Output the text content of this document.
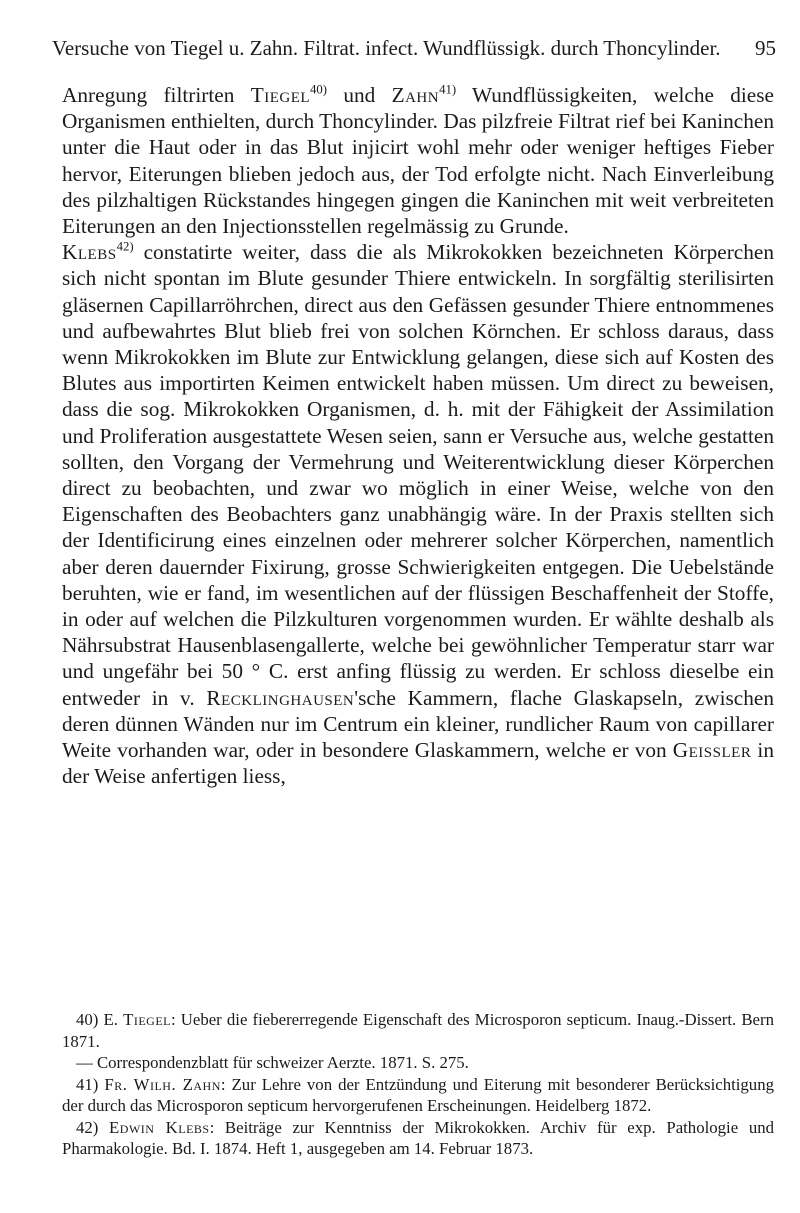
Versuche von Tiegel u. Zahn. Filtrat. infect. Wundflüssigk. durch Thoncylinder. 95

Anregung filtrirten Tiegel$^{40)}$ und Zahn$^{41)}$ Wundflüssigkeiten, welche diese Organismen enthielten, durch Thoncylinder. Das pilzfreie Filtrat rief bei Kaninchen unter die Haut oder in das Blut injicirt wohl mehr oder weniger heftiges Fieber hervor, Eiterungen blieben jedoch aus, der Tod erfolgte nicht. Nach Einverleibung des pilzhaltigen Rückstandes hingegen gingen die Kaninchen mit weit verbreiteten Eiterungen an den Injectionsstellen regelmässig zu Grunde.

Klebs$^{42)}$ constatirte weiter, dass die als Mikrokokken bezeichneten Körperchen sich nicht spontan im Blute gesunder Thiere entwickeln. In sorgfältig sterilisirten gläsernen Capillarröhrchen, direct aus den Gefässen gesunder Thiere entnommenes und aufbewahrtes Blut blieb frei von solchen Körnchen. Er schloss daraus, dass wenn Mikrokokken im Blute zur Entwicklung gelangen, diese sich auf Kosten des Blutes aus importirten Keimen entwickelt haben müssen. Um direct zu beweisen, dass die sog. Mikrokokken Organismen, d. h. mit der Fähigkeit der Assimilation und Proliferation ausgestattete Wesen seien, sann er Versuche aus, welche gestatten sollten, den Vorgang der Vermehrung und Weiterentwicklung dieser Körperchen direct zu beobachten, und zwar wo möglich in einer Weise, welche von den Eigenschaften des Beobachters ganz unabhängig wäre. In der Praxis stellten sich der Identificirung eines einzelnen oder mehrerer solcher Körperchen, namentlich aber deren dauernder Fixirung, grosse Schwierigkeiten entgegen. Die Uebelstände beruhten, wie er fand, im wesentlichen auf der flüssigen Beschaffenheit der Stoffe, in oder auf welchen die Pilzkulturen vorgenommen wurden. Er wählte deshalb als Nährsubstrat Hausenblasengallerte, welche bei gewöhnlicher Temperatur starr war und ungefähr bei 50 ° C. erst anfing flüssig zu werden. Er schloss dieselbe ein entweder in v. Recklinghausen'sche Kammern, flache Glaskapseln, zwischen deren dünnen Wänden nur im Centrum ein kleiner, rundlicher Raum von capillarer Weite vorhanden war, oder in besondere Glaskammern, welche er von Geissler in der Weise anfertigen liess,

40) E. Tiegel: Ueber die fiebererregende Eigenschaft des Microsporon septicum. Inaug.-Dissert. Bern 1871.

— Correspondenzblatt für schweizer Aerzte. 1871. S. 275.

41) Fr. Wilh. Zahn: Zur Lehre von der Entzündung und Eiterung mit besonderer Berücksichtigung der durch das Microsporon septicum hervorgerufenen Erscheinungen. Heidelberg 1872.

42) Edwin Klebs: Beiträge zur Kenntniss der Mikrokokken. Archiv für exp. Pathologie und Pharmakologie. Bd. I. 1874. Heft 1, ausgegeben am 14. Februar 1873.
